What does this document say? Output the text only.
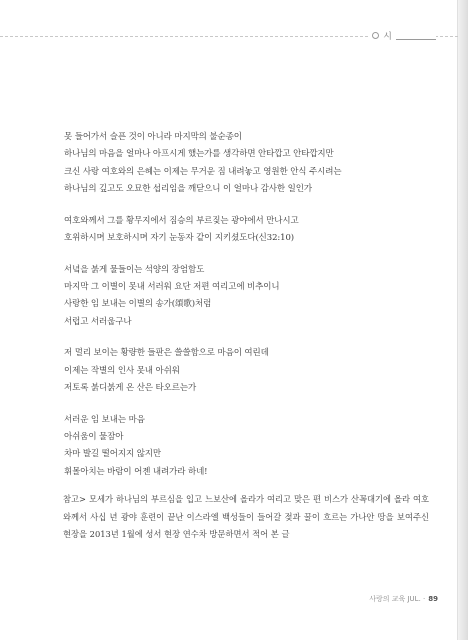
시
못 들어가서 슬픈 것이 아니라 마지막의 불순종이
하나님의 마음을 얼마나 아프시게 했는가를 생각하면 안타깝고 안타깝지만
크신 사랑 여호와의 은혜는 이제는 무거운 짐 내려놓고 영원한 안식 주시려는
하나님의 깊고도 오묘한 섭리임을 깨닫으니 이 얼마나 감사한 일인가
여호와께서 그를 황무지에서 짐승의 부르짖는 광야에서 만나시고
호위하시며 보호하시며 자기 눈동자 같이 지키셨도다(신32:10)
서녘을 붉게 물들이는 석양의 장엄함도
마지막 그 이별이 못내 서러워 요단 저편 여리고에 비추이니
사랑한 임 보내는 이별의 송가(頌歌)처럼
서럽고 서러웁구나
저 멀리 보이는 황량한 들판은 쓸쓸함으로 마음이 여린데
이제는 작별의 인사 못내 아쉬워
저토록 붉디붉게 온 산은 타오르는가
서러운 임 보내는 마음
아쉬움이 물잠아
차마 발길 떨어지지 않지만
휘몰아치는 바람이 어젠 내려가라 하네!
참고> 모세가 하나님의 부르심을 입고 느보산에 올라가 여리고 맞은 편 비스가 산꼭대기에 올라 여호와께서 사십 년 광야 훈련이 끝난 이스라엘 백성들이 들어갈 젖과 꿀이 흐르는 가나안 땅을 보여주신 현장을 2013년 1월에 성서 현장 연수차 방문하면서 적어 본 글
사랑의 교육 JUL. · 89
